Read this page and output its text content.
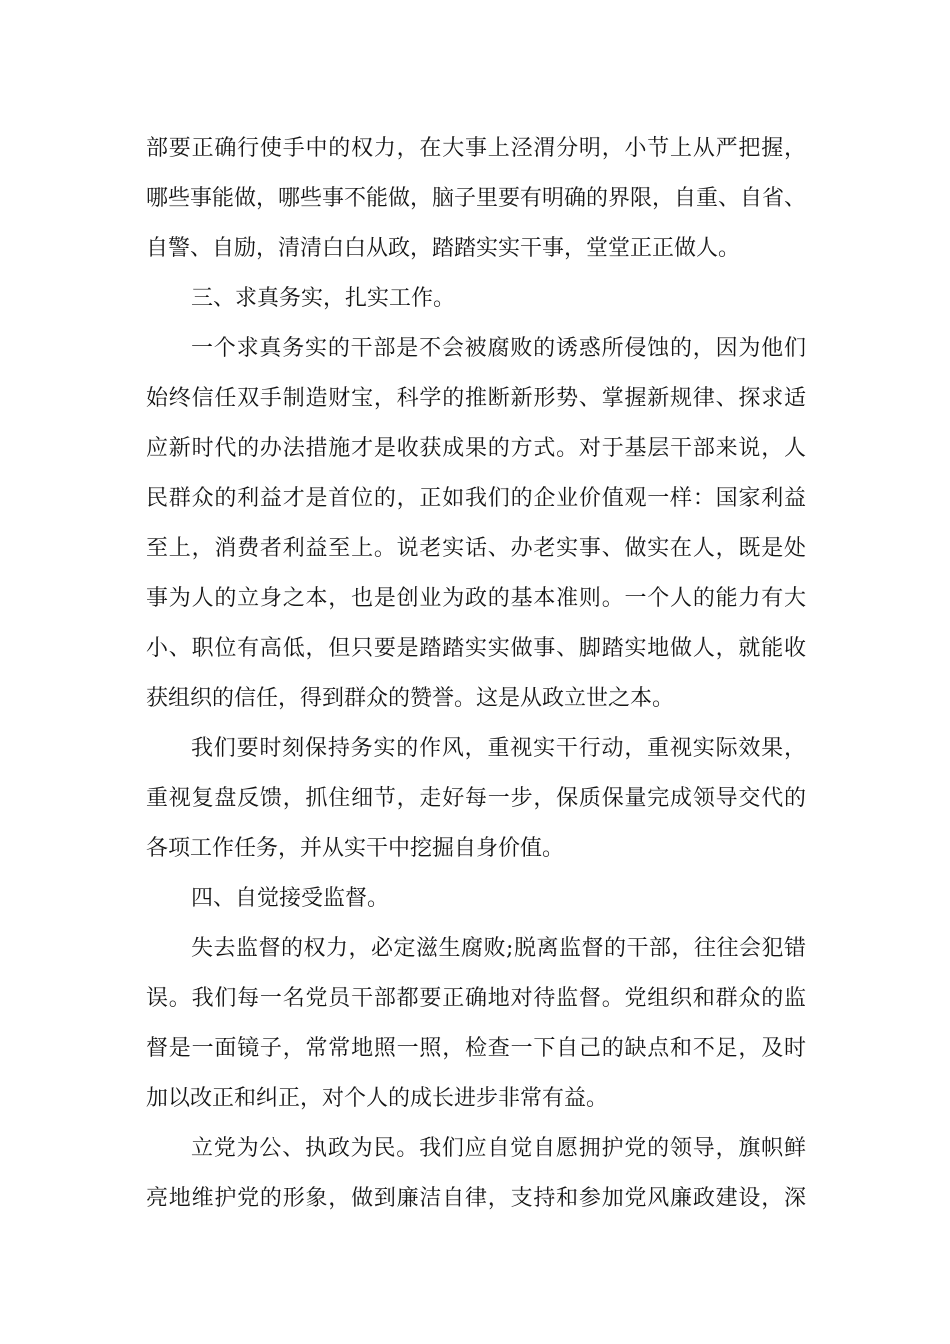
部要正确行使手中的权力，在大事上泾渭分明，小节上从严把握，
哪些事能做，哪些事不能做，脑子里要有明确的界限，自重、自省、
自警、自励，清清白白从政，踏踏实实干事，堂堂正正做人。
三、求真务实，扎实工作。
一个求真务实的干部是不会被腐败的诱惑所侵蚀的，因为他们
始终信任双手制造财宝，科学的推断新形势、掌握新规律、探求适
应新时代的办法措施才是收获成果的方式。对于基层干部来说，人
民群众的利益才是首位的，正如我们的企业价值观一样：国家利益
至上，消费者利益至上。说老实话、办老实事、做实在人，既是处
事为人的立身之本，也是创业为政的基本准则。一个人的能力有大
小、职位有高低，但只要是踏踏实实做事、脚踏实地做人，就能收
获组织的信任，得到群众的赞誉。这是从政立世之本。
我们要时刻保持务实的作风，重视实干行动，重视实际效果，
重视复盘反馈，抓住细节，走好每一步，保质保量完成领导交代的
各项工作任务，并从实干中挖掘自身价值。
四、自觉接受监督。
失去监督的权力，必定滋生腐败;脱离监督的干部，往往会犯错
误。我们每一名党员干部都要正确地对待监督。党组织和群众的监
督是一面镜子，常常地照一照，检查一下自己的缺点和不足，及时
加以改正和纠正，对个人的成长进步非常有益。
立党为公、执政为民。我们应自觉自愿拥护党的领导，旗帜鲜
亮地维护党的形象，做到廉洁自律，支持和参加党风廉政建设，深
